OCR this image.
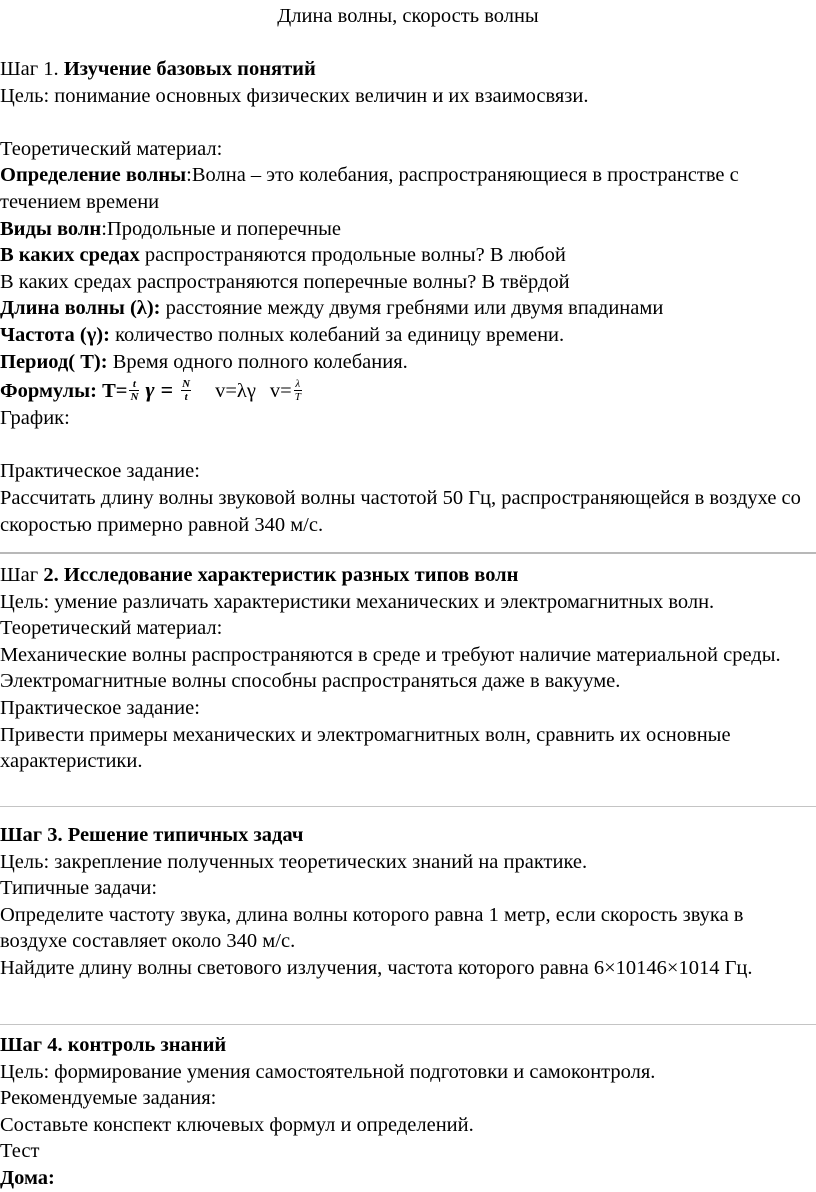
Длина волны, скорость волны
Шаг 1. Изучение базовых понятий
Цель: понимание основных физических величин и их взаимосвязи.

Теоретический материал:
Определение волны:Волна – это колебания, распространяющиеся в пространстве с течением времени
Виды волн:Продольные и поперечные
В каких средах распространяются продольные волны? В любой
В каких средах распространяются поперечные волны? В твёрдой
Длина волны (λ): расстояние между двумя гребнями или двумя впадинами
Частота (γ): количество полных колебаний за единицу времени.
Период( Т): Время одного полного колебания.
Формулы: $Т= \frac{t}{N}$ $\gamma = \frac{N}{t} v=\lambda\gamma$ $v= \frac{\lambda}{T}$
График:

Практическое задание:
Рассчитать длину волны звуковой волны частотой 50 Гц, распространяющейся в воздухе со скоростью примерно равной 340 м/с.
Шаг 2. Исследование характеристик разных типов волн
Цель: умение различать характеристики механических и электромагнитных волн.
Теоретический материал:
Механические волны распространяются в среде и требуют наличие материальной среды.
Электромагнитные волны способны распространяться даже в вакууме.
Практическое задание:
Привести примеры механических и электромагнитных волн, сравнить их основные характеристики.
Шаг 3. Решение типичных задач
Цель: закрепление полученных теоретических знаний на практике.
Типичные задачи:
Определите частоту звука, длина волны которого равна 1 метр, если скорость звука в воздухе составляет около 340 м/с.
Найдите длину волны светового излучения, частота которого равна 6×10146×1014 Гц.
Шаг 4. контроль знаний
Цель: формирование умения самостоятельной подготовки и самоконтроля.
Рекомендуемые задания:
Составьте конспект ключевых формул и определений.
Тест
Дома:
